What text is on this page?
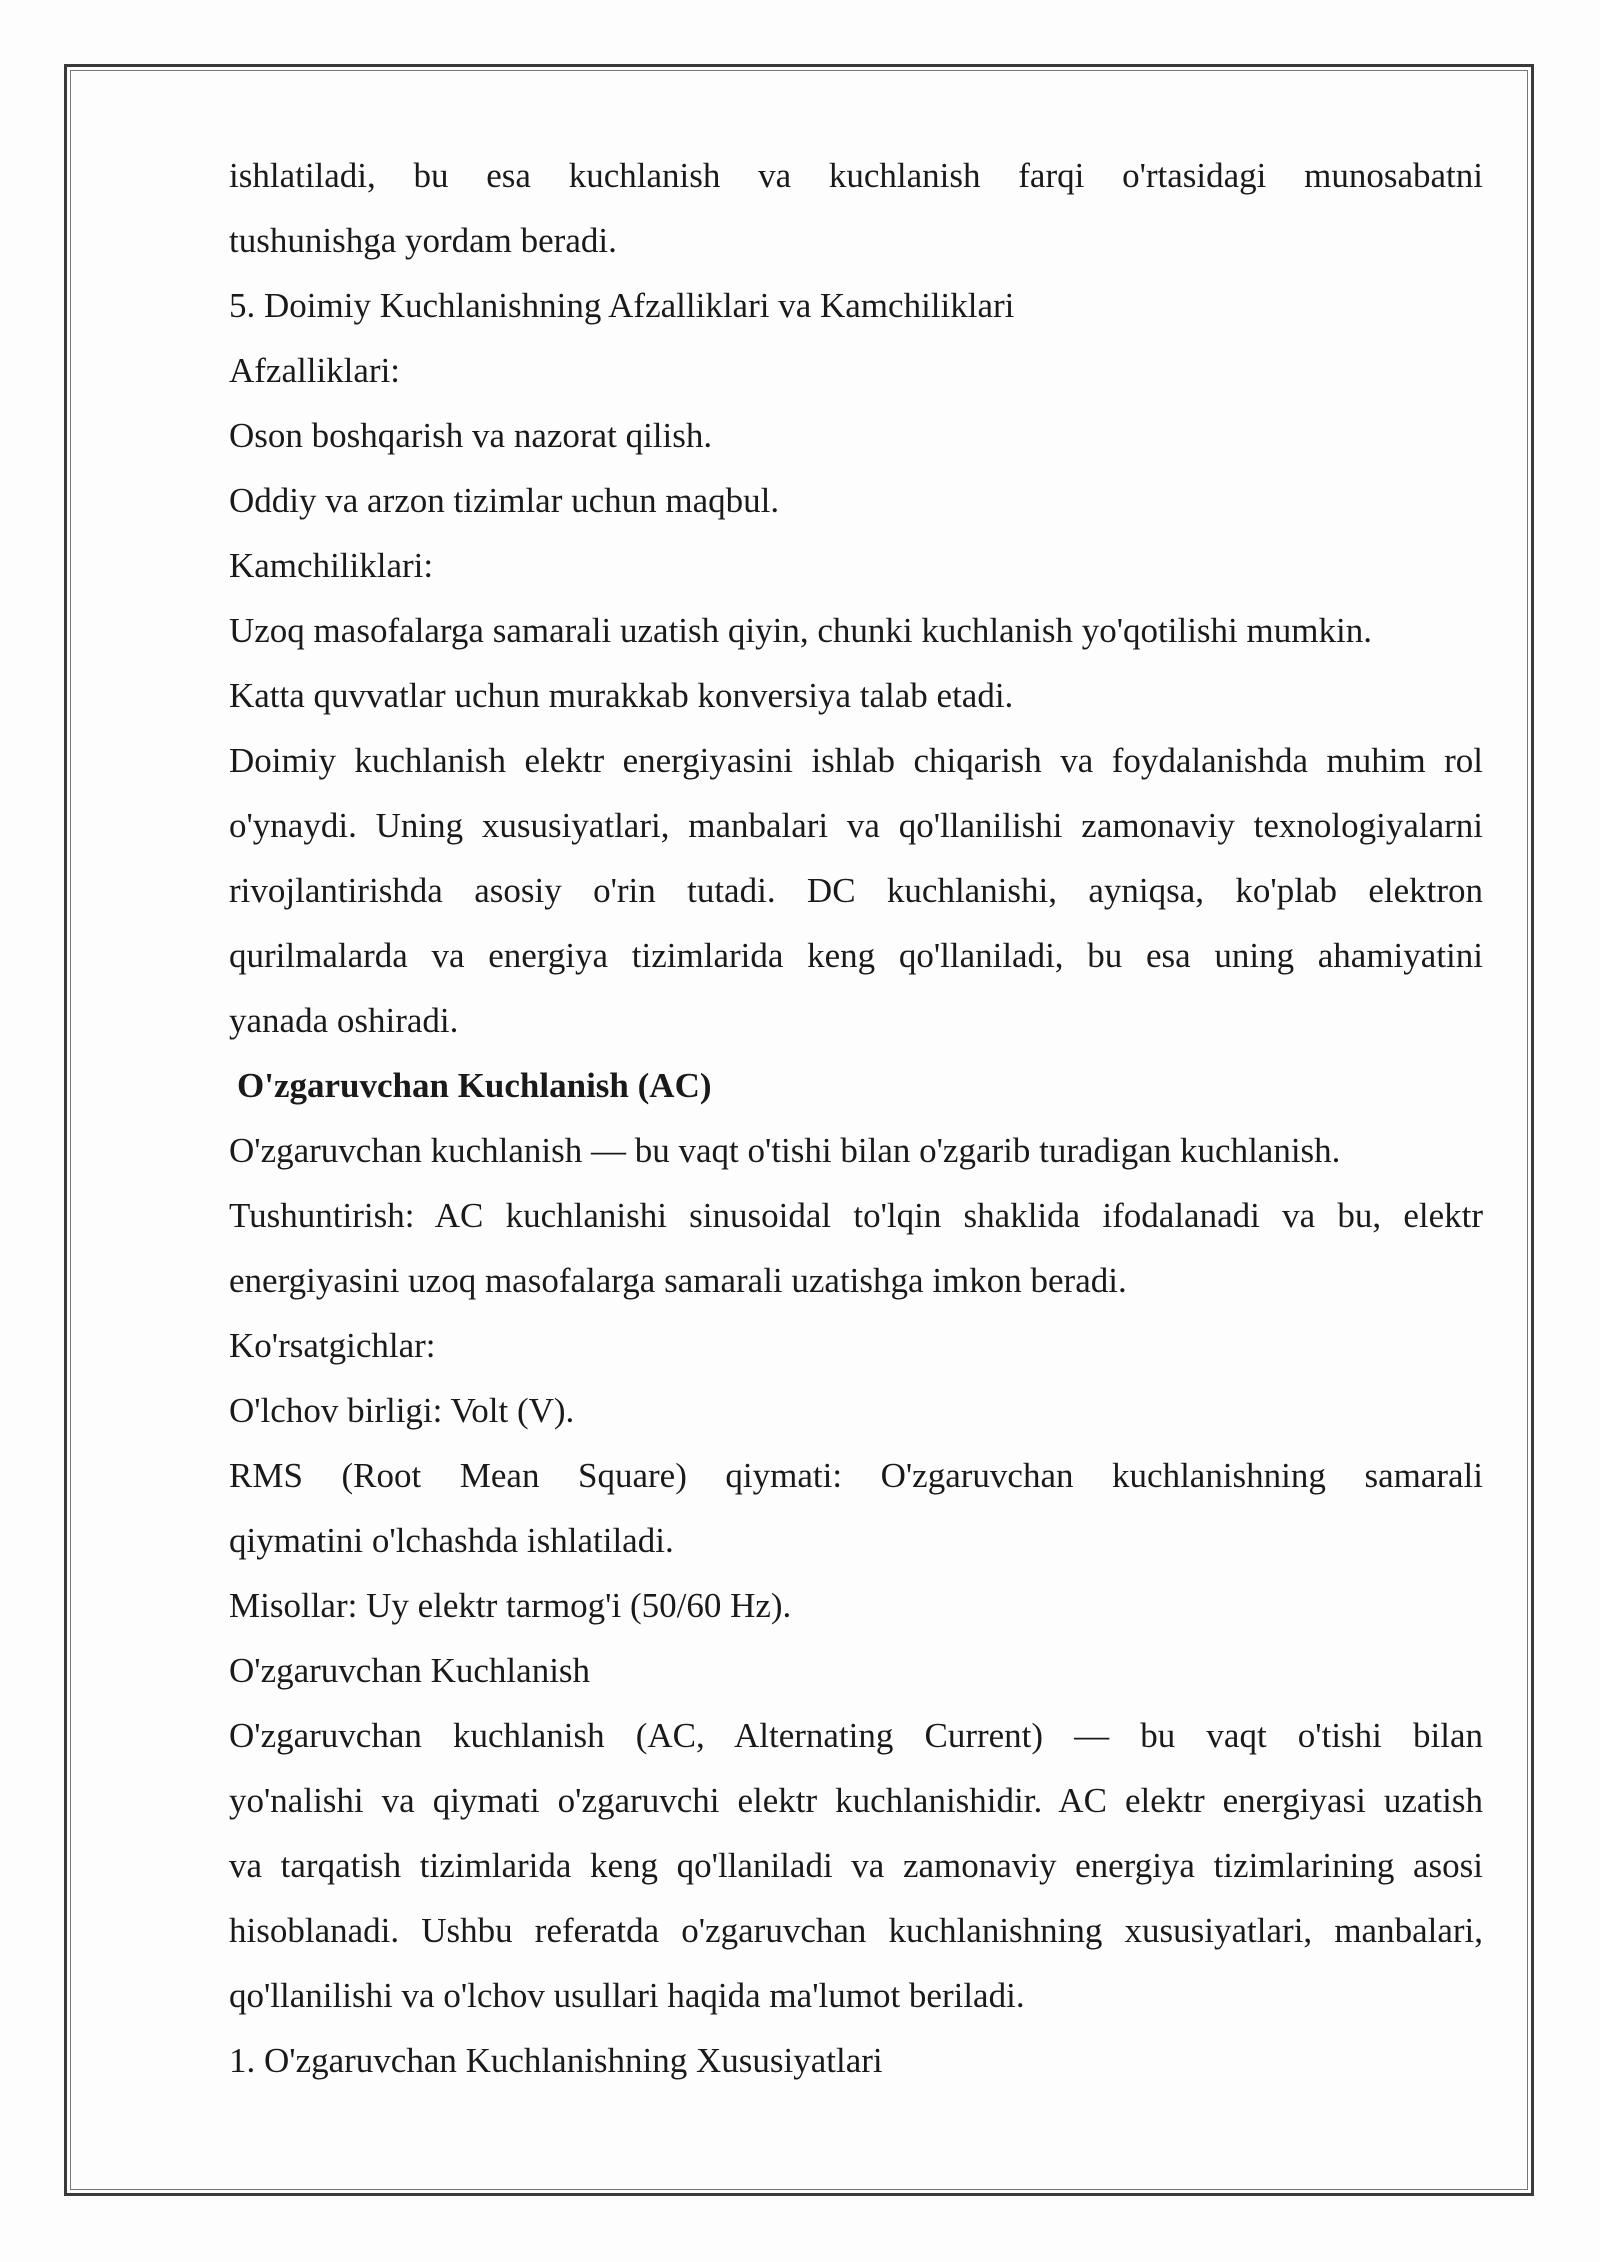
ishlatiladi, bu esa kuchlanish va kuchlanish farqi o'rtasidagi munosabatni
tushunishga yordam beradi.
5. Doimiy Kuchlanishning Afzalliklari va Kamchiliklari
Afzalliklari:
Oson boshqarish va nazorat qilish.
Oddiy va arzon tizimlar uchun maqbul.
Kamchiliklari:
Uzoq masofalarga samarali uzatish qiyin, chunki kuchlanish yo'qotilishi mumkin.
Katta quvvatlar uchun murakkab konversiya talab etadi.
Doimiy kuchlanish elektr energiyasini ishlab chiqarish va foydalanishda muhim rol
o'ynaydi. Uning xususiyatlari, manbalari va qo'llanilishi zamonaviy texnologiyalarni
rivojlantirishda asosiy o'rin tutadi. DC kuchlanishi, ayniqsa, ko'plab elektron
qurilmalarda va energiya tizimlarida keng qo'llaniladi, bu esa uning ahamiyatini
yanada oshiradi.
O'zgaruvchan Kuchlanish (AC)
O'zgaruvchan kuchlanish — bu vaqt o'tishi bilan o'zgarib turadigan kuchlanish.
Tushuntirish: AC kuchlanishi sinusoidal to'lqin shaklida ifodalanadi va bu, elektr
energiyasini uzoq masofalarga samarali uzatishga imkon beradi.
Ko'rsatgichlar:
O'lchov birligi: Volt (V).
RMS (Root Mean Square) qiymati: O'zgaruvchan kuchlanishning samarali
qiymatini o'lchashda ishlatiladi.
Misollar: Uy elektr tarmog'i (50/60 Hz).
O'zgaruvchan Kuchlanish
O'zgaruvchan kuchlanish (AC, Alternating Current) — bu vaqt o'tishi bilan
yo'nalishi va qiymati o'zgaruvchi elektr kuchlanishidir. AC elektr energiyasi uzatish
va tarqatish tizimlarida keng qo'llaniladi va zamonaviy energiya tizimlarining asosi
hisoblanadi. Ushbu referatda o'zgaruvchan kuchlanishning xususiyatlari, manbalari,
qo'llanilishi va o'lchov usullari haqida ma'lumot beriladi.
1. O'zgaruvchan Kuchlanishning Xususiyatlari
